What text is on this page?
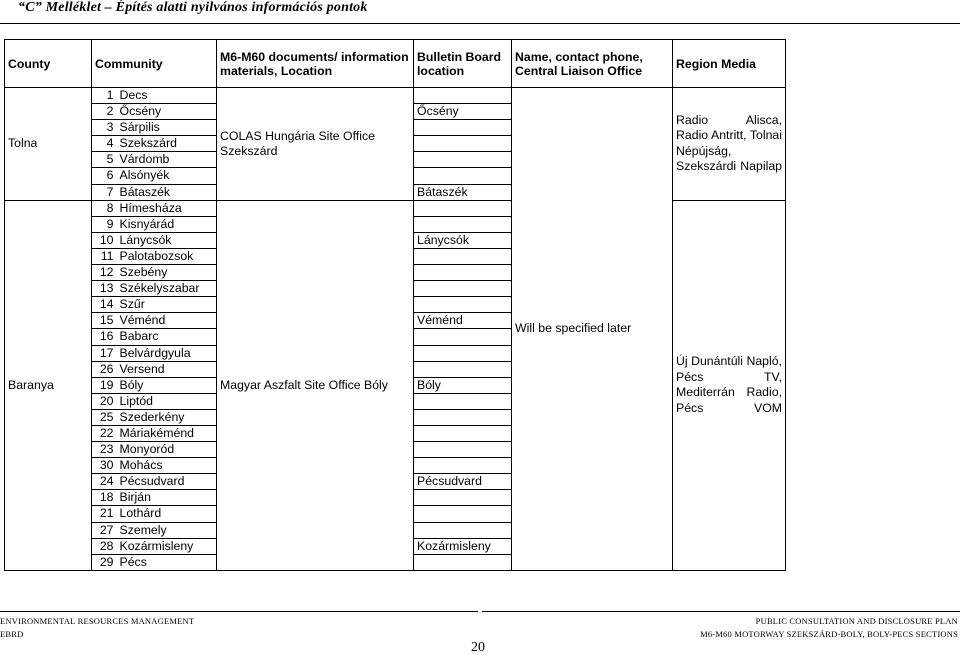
“C” Melléklet – Építés alatti nyilvános információs pontok
County	Community		M6-M60 documents/ information materials, Location	Bulletin Board location	Name, contact phone, Central Liaison Office	Region Media
Tolna	1	Decs	COLAS Hungária Site Office Szekszárd		Will be specified later	Radio Alisca, Radio Antritt, Tolnai Népújság, Szekszárdi Napilap
	2	Őcsény		Őcsény		
	3	Sárpilis				
	4	Szekszárd				
	5	Várdomb				
	6	Alsónyék				
	7	Bátaszék		Bátaszék		
Baranya	8	Hímesháza	Magyar Aszfalt Site Office Bóly			Új Dunántúli Napló, Pécs TV, Mediterrán Radio, Pécs VOM
	9	Kisnyárád				
	10	Lánycsók		Lánycsók		
	11	Palotabozsok				
	12	Szebény				
	13	Székelyszabar				
	14	Szűr				
	15	Véménd		Véménd		
	16	Babarc				
	17	Belvárdgyula				
	26	Versend				
	19	Bóly		Bóly		
	20	Liptód				
	25	Szederkény				
	22	Máriakéménd				
	23	Monyoród				
	30	Mohács				
	24	Pécsudvard		Pécsudvard		
	18	Birján				
	21	Lothárd				
	27	Szemely				
	28	Kozármisleny		Kozármisleny		
	29	Pécs				
ENVIRONMENTAL RESOURCES MANAGEMENT
EBRD
PUBLIC CONSULTATION AND DISCLOSURE PLAN
M6-M60 MOTORWAY SZEKSZÁRD-BOLY, BOLY-PECS SECTIONS
20
